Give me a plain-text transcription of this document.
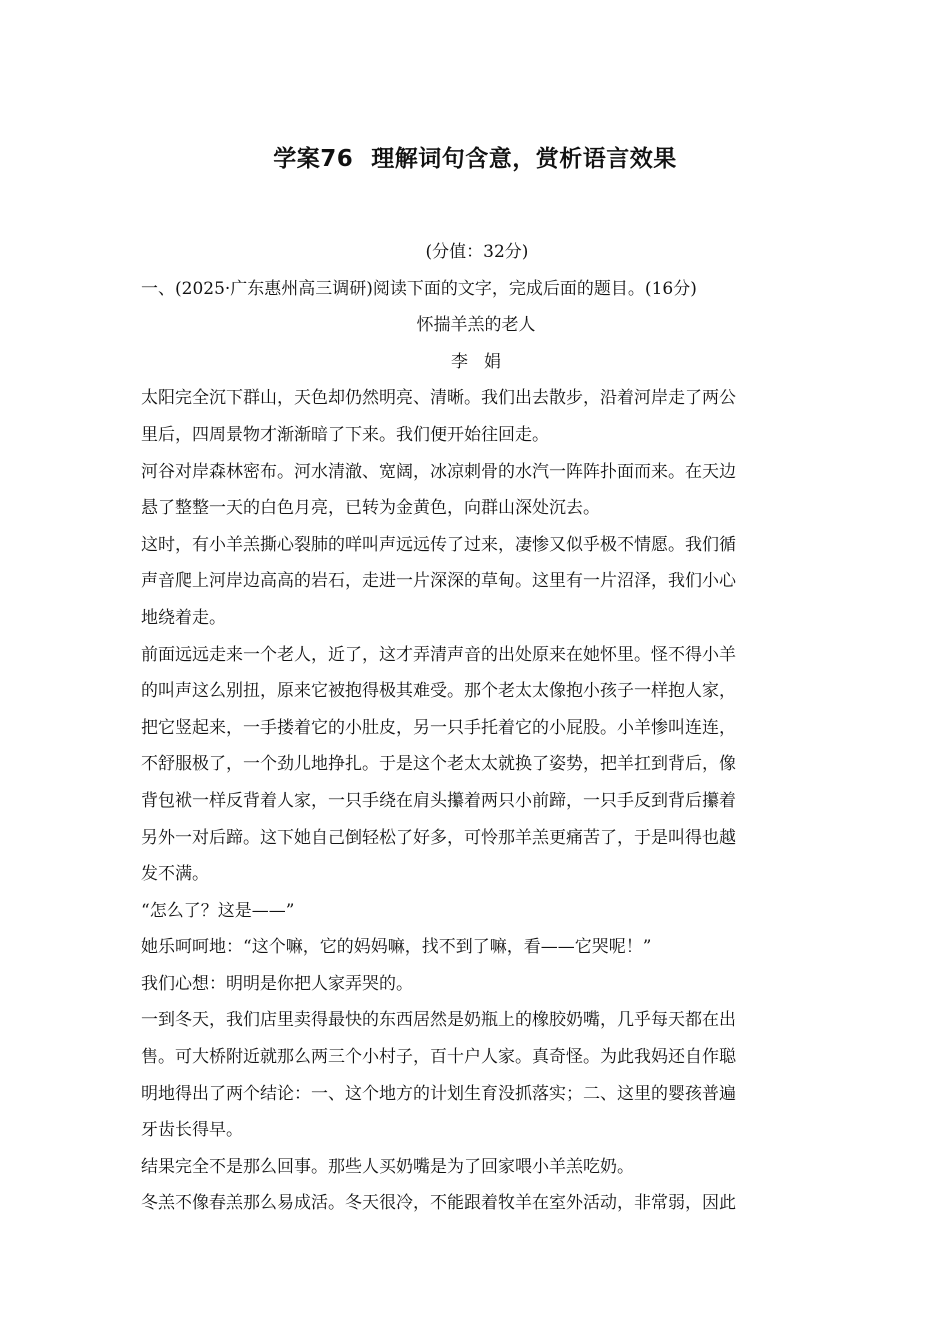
学案76 理解词句含意，赏析语言效果
(分值：32分)
一、(2025·广东惠州高三调研)阅读下面的文字，完成后面的题目。(16分)
怀揣羊羔的老人
李娟
太阳完全沉下群山，天色却仍然明亮、清晰。我们出去散步，沿着河岸走了两公
里后，四周景物才渐渐暗了下来。我们便开始往回走。
河谷对岸森林密布。河水清澈、宽阔，冰凉刺骨的水汽一阵阵扑面而来。在天边
悬了整整一天的白色月亮，已转为金黄色，向群山深处沉去。
这时，有小羊羔撕心裂肺的咩叫声远远传了过来，凄惨又似乎极不情愿。我们循
声音爬上河岸边高高的岩石，走进一片深深的草甸。这里有一片沼泽，我们小心
地绕着走。
前面远远走来一个老人，近了，这才弄清声音的出处原来在她怀里。怪不得小羊
的叫声这么别扭，原来它被抱得极其难受。那个老太太像抱小孩子一样抱人家，
把它竖起来，一手搂着它的小肚皮，另一只手托着它的小屁股。小羊惨叫连连，
不舒服极了，一个劲儿地挣扎。于是这个老太太就换了姿势，把羊扛到背后，像
背包袱一样反背着人家，一只手绕在肩头攥着两只小前蹄，一只手反到背后攥着
另外一对后蹄。这下她自己倒轻松了好多，可怜那羊羔更痛苦了，于是叫得也越
发不满。
“怎么了？这是——”
她乐呵呵地：“这个嘛，它的妈妈嘛，找不到了嘛，看——它哭呢！”
我们心想：明明是你把人家弄哭的。
一到冬天，我们店里卖得最快的东西居然是奶瓶上的橡胶奶嘴，几乎每天都在出
售。可大桥附近就那么两三个小村子，百十户人家。真奇怪。为此我妈还自作聪
明地得出了两个结论：一、这个地方的计划生育没抓落实；二、这里的婴孩普遍
牙齿长得早。
结果完全不是那么回事。那些人买奶嘴是为了回家喂小羊羔吃奶。
冬羔不像春羔那么易成活。冬天很冷，不能跟着牧羊在室外活动，非常弱，因此
